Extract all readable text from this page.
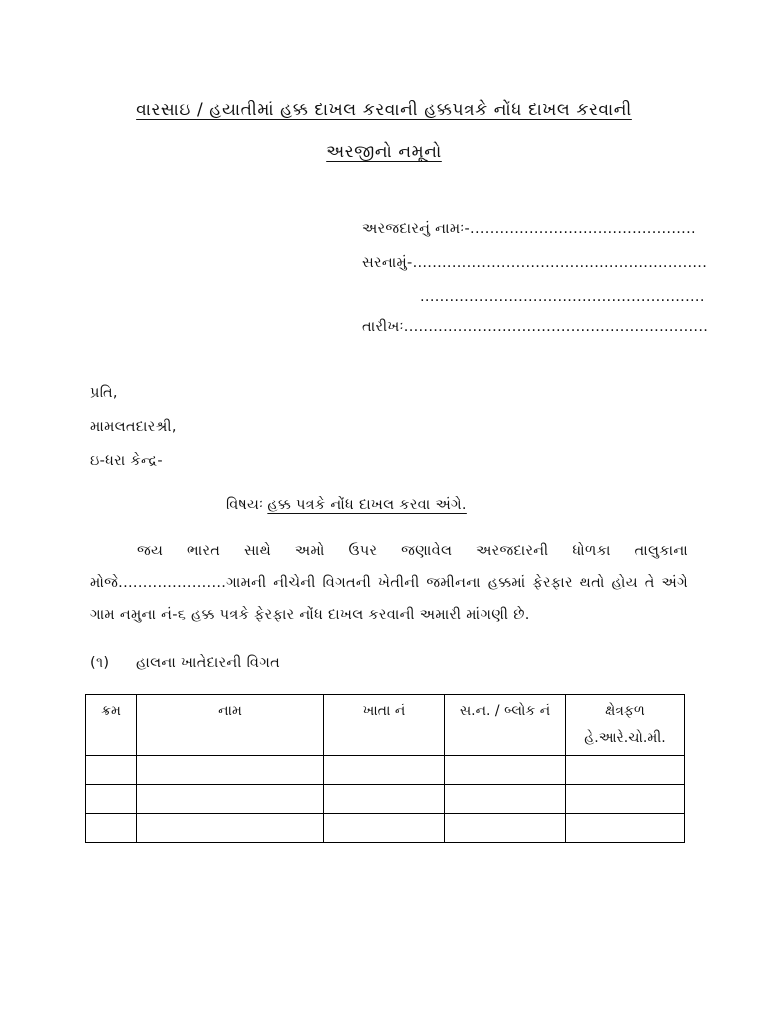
વારસાઇ / હયાતીમાં હક્ક દાખલ કરવાની હક્કપત્રકે નોંધ દાખલ કરવાની
અરજીનો નમૂનો
અરજદારનું નામઃ-..............................................
સરનામું-............................................................
..........................................................
તારીખઃ..............................................................
પ્રતિ,
મામલતદારશ્રી,
ઇ-ધરા કેન્દ્ર-
વિષયઃ હક્ક પત્રકે નોંધ દાખલ કરવા અંગે.
જય ભારત સાથે અમો ઉપર જણાવેલ અરજદારની ધોળકા તાલુકાના
મોજે......................ગામની નીચેની વિગતની ખેતીની જમીનના હક્કમાં ફેરફાર થતો હોય તે અંગે
ગામ નમુના નં-૬ હક્ક પત્રકે ફેરફાર નોંધ દાખલ કરવાની અમારી માંગણી છે.
(૧) હાલના ખાતેદારની વિગત
ક્રમ	નામ	ખાતા નં	સ.ન. / બ્લોક નં	ક્ષેત્રફળ
હે.આરે.ચો.મી.
